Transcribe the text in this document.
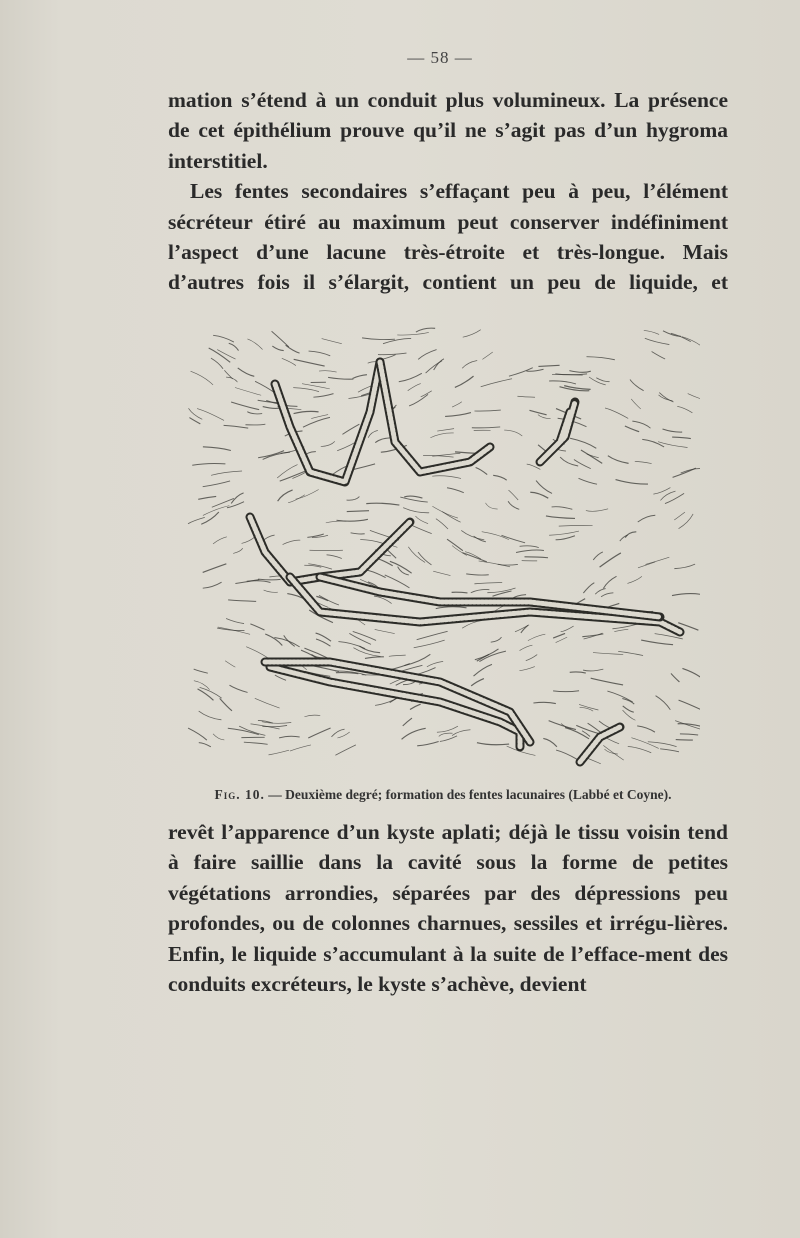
— 58 —

mation s’étend à un conduit plus volumineux. La présence

de cet épithélium prouve qu’il ne s’agit pas d’un hygroma

interstitiel.

Les fentes secondaires s’effaçant peu à peu, l’élément sécréteur étiré au maximum peut conserver indéfiniment l’aspect d’une lacune très-étroite et très-longue. Mais d’autres fois il s’élargit, contient un peu de liquide, et

Fig. 10. — Deuxième degré; formation des fentes lacunaires (Labbé et Coyne).

revêt l’apparence d’un kyste aplati; déjà le tissu voisin tend à faire saillie dans la cavité sous la forme de petites végétations arrondies, séparées par des dépressions peu profondes, ou de colonnes charnues, sessiles et irrégu-lières. Enfin, le liquide s’accumulant à la suite de l’efface-ment des conduits excréteurs, le kyste s’achève, devient
